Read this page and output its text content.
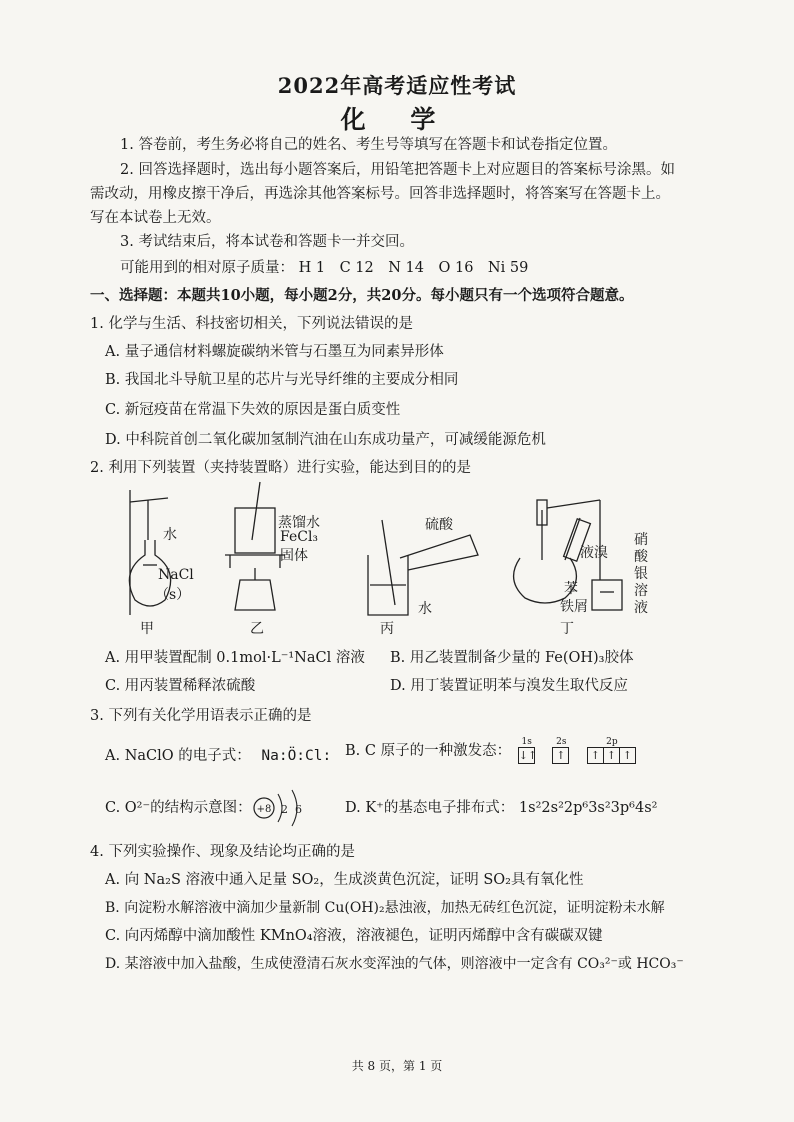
2022年高考适应性考试
化 学
1. 答卷前，考生务必将自己的姓名、考生号等填写在答题卡和试卷指定位置。
2. 回答选择题时，选出每小题答案后，用铅笔把答题卡上对应题目的答案标号涂黑。如
需改动，用橡皮擦干净后，再选涂其他答案标号。回答非选择题时，将答案写在答题卡上。
写在本试卷上无效。
3. 考试结束后，将本试卷和答题卡一并交回。
可能用到的相对原子质量： H 1　C 12　N 14　O 16　Ni 59
一、选择题：本题共10小题，每小题2分，共20分。每小题只有一个选项符合题意。
1. 化学与生活、科技密切相关，下列说法错误的是
A. 量子通信材料螺旋碳纳米管与石墨互为同素异形体
B. 我国北斗导航卫星的芯片与光导纤维的主要成分相同
C. 新冠疫苗在常温下失效的原因是蛋白质变性
D. 中科院首创二氧化碳加氢制汽油在山东成功量产，可减缓能源危机
2. 利用下列装置（夹持装置略）进行实验，能达到目的的是
水
NaCl
（s）
蒸馏水
FeCl₃
固体
硫酸
水
液溴
苯
铁屑
硝酸银溶液
甲	乙	丙	丁
A. 用甲装置配制 0.1mol·L⁻¹NaCl 溶液 B. 用乙装置制备少量的 Fe(OH)₃胶体
C. 用丙装置稀释浓硫酸	D. 用丁装置证明苯与溴发生取代反应
3. 下列有关化学用语表示正确的是
A. NaClO 的电子式： Na:Ö:Cl: B. C 原子的一种激发态：
1s
↓↑

2s
↑

2p
↑ ↑ ↑
C. O²⁻的结构示意图： +8 2 6	D. K⁺的基态电子排布式： 1s²2s²2p⁶3s²3p⁶4s²
4. 下列实验操作、现象及结论均正确的是
A. 向 Na₂S 溶液中通入足量 SO₂，生成淡黄色沉淀，证明 SO₂具有氧化性
B. 向淀粉水解溶液中滴加少量新制 Cu(OH)₂悬浊液，加热无砖红色沉淀，证明淀粉未水解
C. 向丙烯醇中滴加酸性 KMnO₄溶液，溶液褪色，证明丙烯醇中含有碳碳双键
D. 某溶液中加入盐酸，生成使澄清石灰水变浑浊的气体，则溶液中一定含有 CO₃²⁻或 HCO₃⁻
共 8 页，第 1 页
